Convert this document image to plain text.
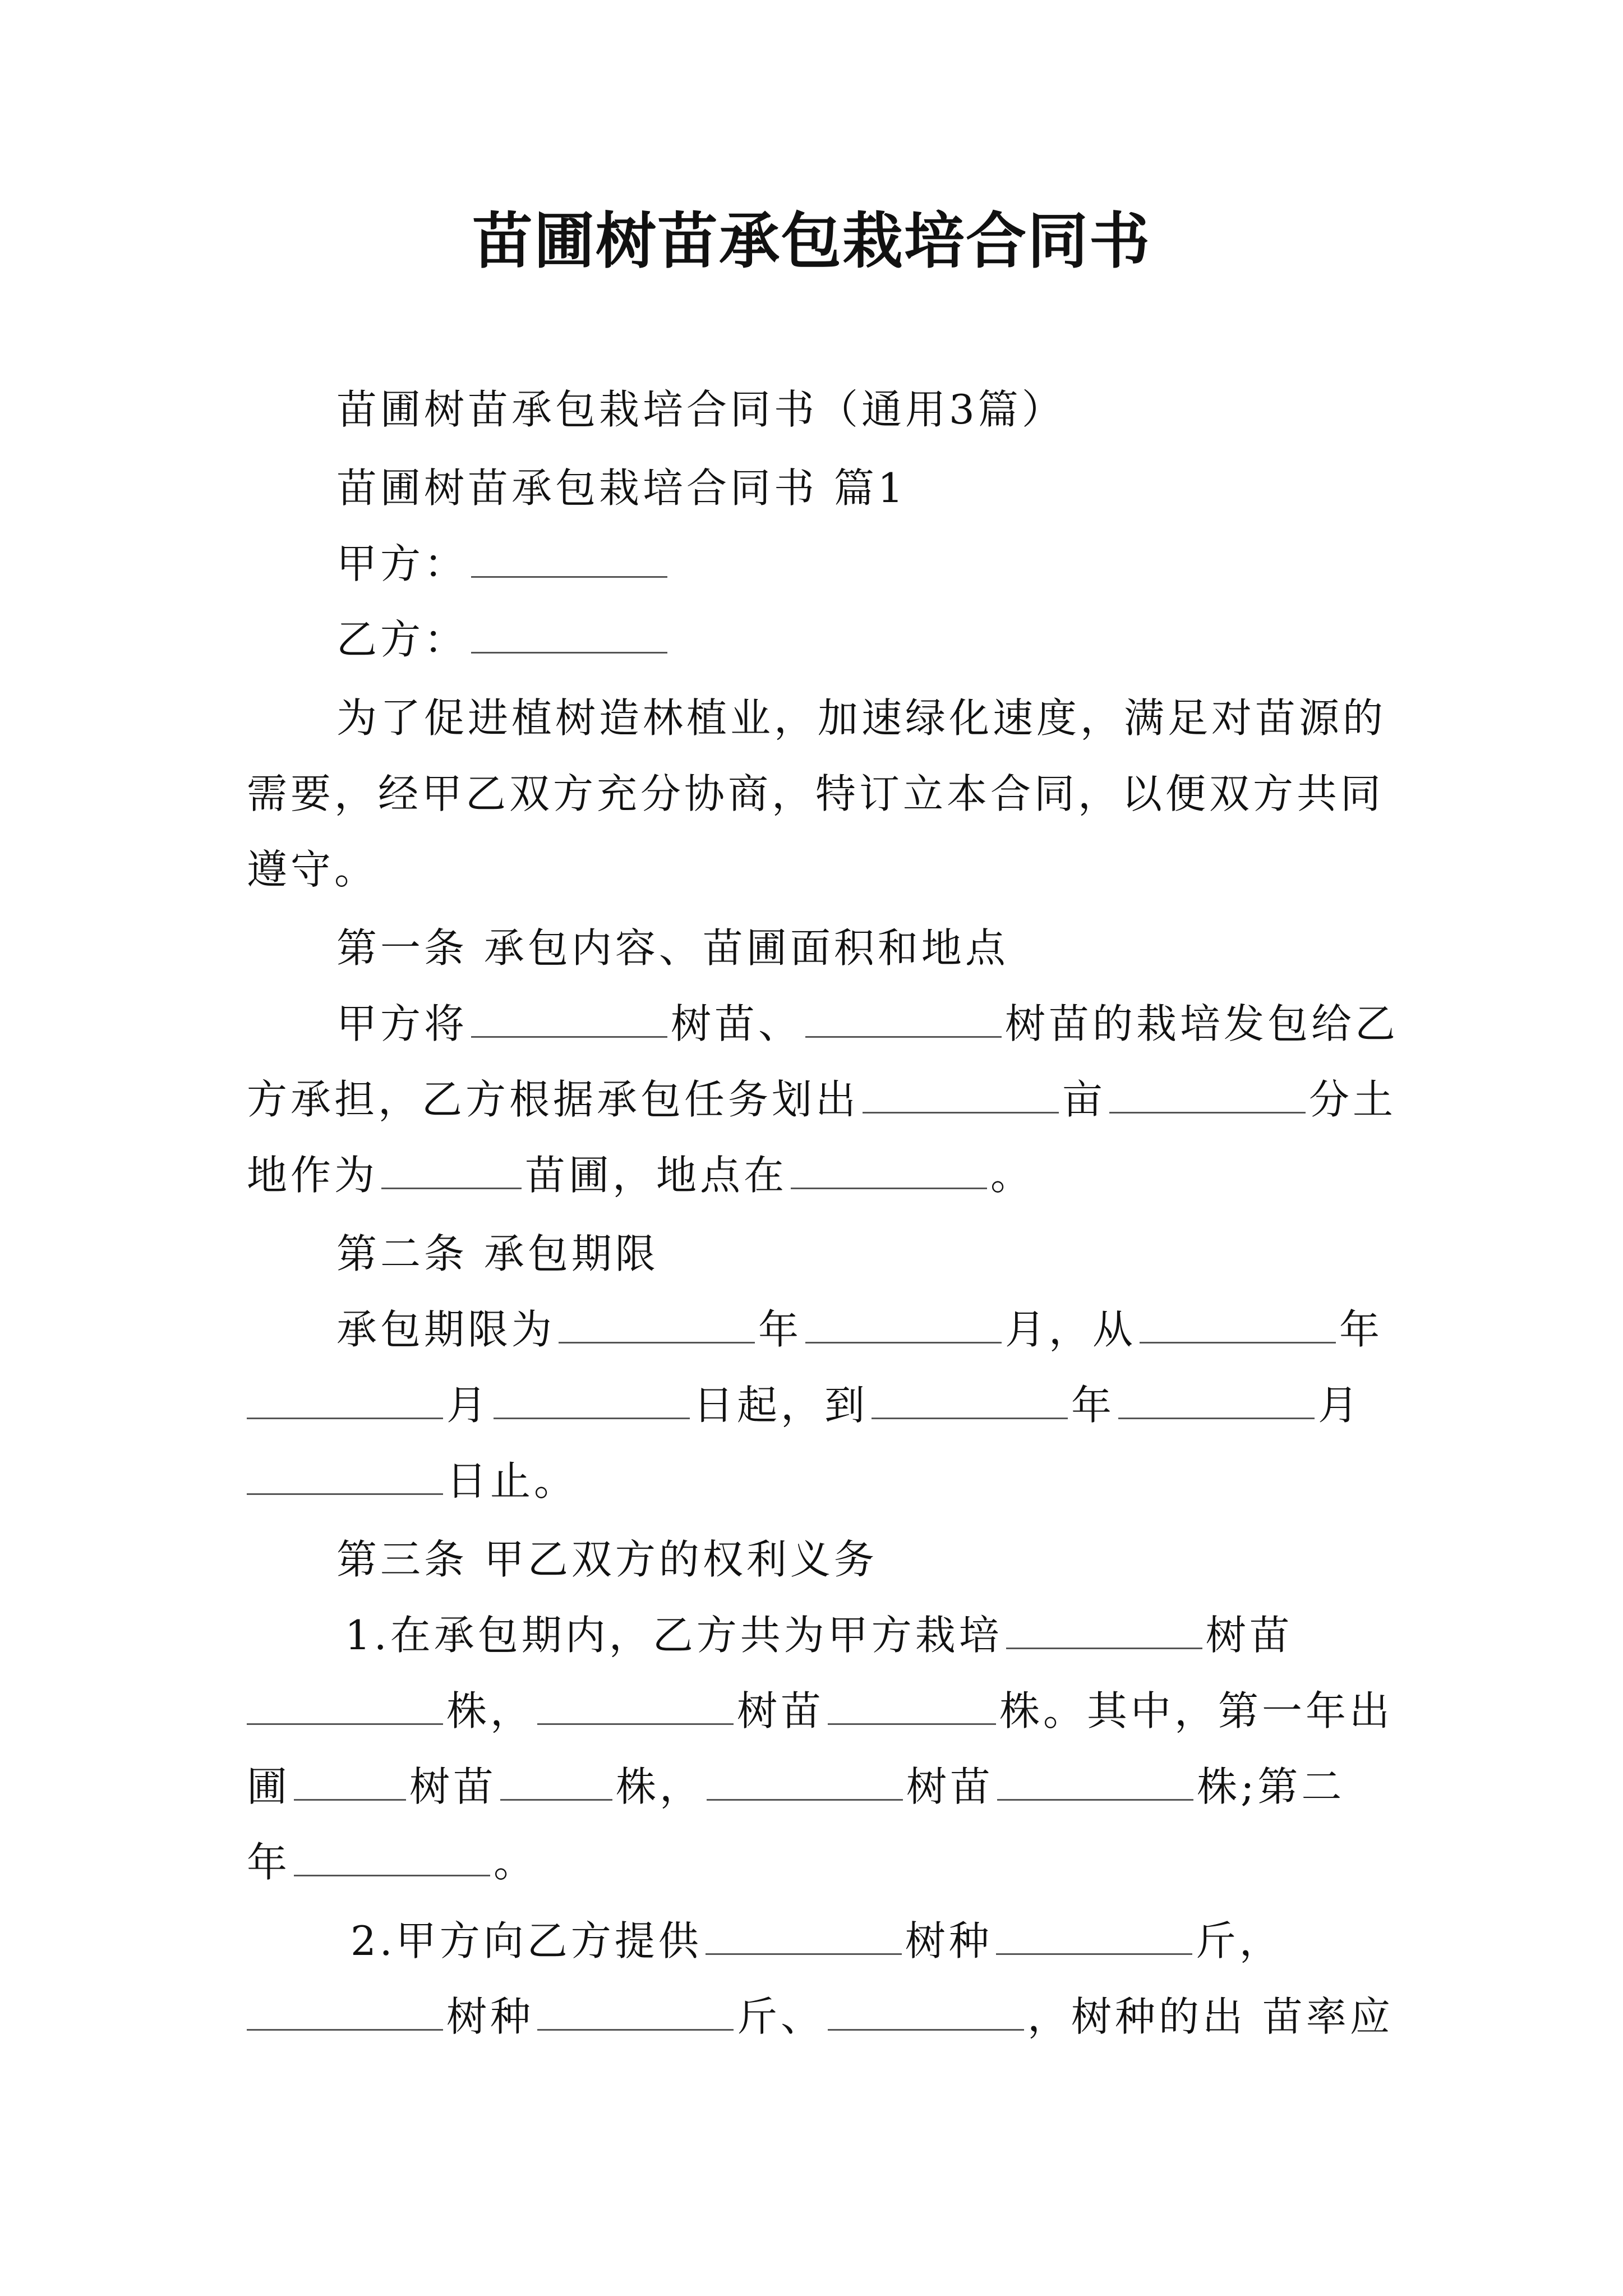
苗圃树苗承包栽培合同书
苗圃树苗承包栽培合同书（通用3篇）
苗圃树苗承包栽培合同书 篇1
甲方：
乙方：
为了促进植树造林植业，加速绿化速度，满足对苗源的
需要，经甲乙双方充分协商，特订立本合同，以便双方共同
遵守。
第一条 承包内容、苗圃面积和地点
甲方将	树苗、	树苗的栽培发包给乙
方承担，乙方根据承包任务划出	亩	分土
地作为	苗圃，地点在	。
第二条 承包期限
承包期限为	年	月，从	年
月	日起，到	年	月
日止。
第三条 甲乙双方的权利义务
1.在承包期内，乙方共为甲方栽培	树苗
株，	树苗	株。其中，第一年出
圃	树苗	株，	树苗	株;第二
年	。
2.甲方向乙方提供	树种	斤，
树种	斤、	，树种的出 苗率应
